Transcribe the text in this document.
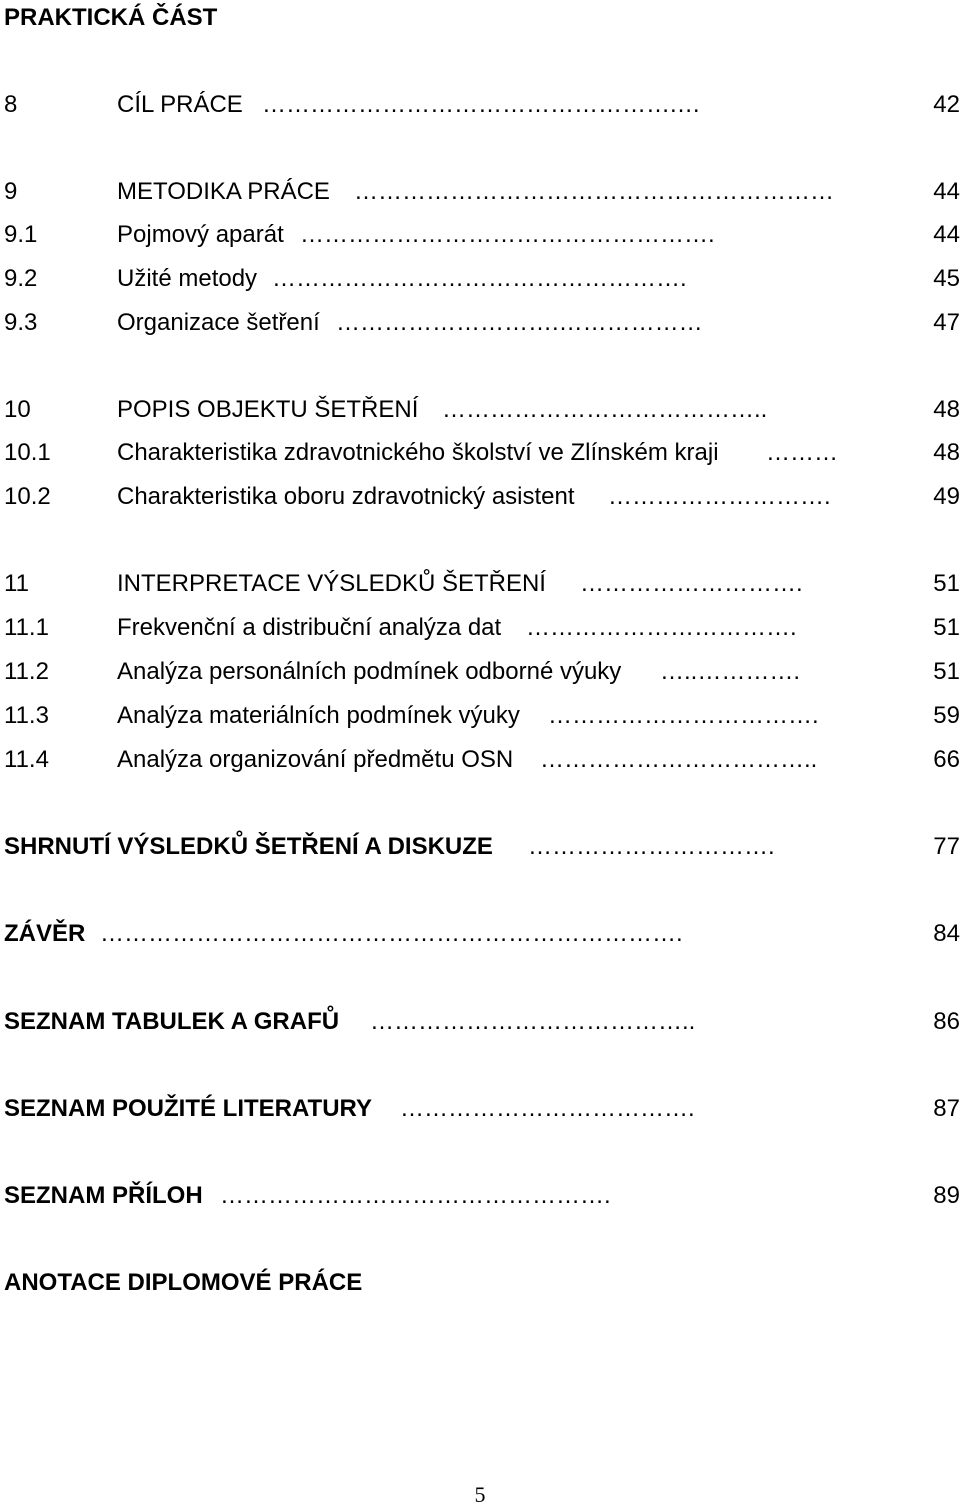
PRAKTICKÁ ČÁST
8	CÍL PRÁCE …………………………………………….…	42
9	METODIKA PRÁCE ……………………………………………………	44
9.1	Pojmový aparát …………………………………………….	44
9.2	Užité metody …………………………………………….	45
9.3	Organizace šetření ……………………….………………	47
10	POPIS OBJEKTU ŠETŘENÍ …………………………………..	48
10.1	Charakteristika zdravotnického školství ve Zlínském kraji ………	48
10.2	Charakteristika oboru zdravotnický asistent ……………………….	49
11	INTERPRETACE VÝSLEDKŮ ŠETŘENÍ ……………………….	51
11.1	Frekvenční a distribuční analýza dat …………………………….	51
11.2	Analýza personálních podmínek odborné výuky …..………….	51
11.3	Analýza materiálních podmínek výuky …………………………….	59
11.4	Analýza organizování předmětu OSN ……………………………..	66
SHRNUTÍ VÝSLEDKŮ ŠETŘENÍ A DISKUZE ………………………….	77
ZÁVĚR ……………………………………………………………….	84
SEZNAM TABULEK A GRAFŮ …………………………………..	86
SEZNAM POUŽITÉ LITERATURY ……………………………….	87
SEZNAM PŘÍLOH ………………………………………….	89
ANOTACE DIPLOMOVÉ PRÁCE
5
